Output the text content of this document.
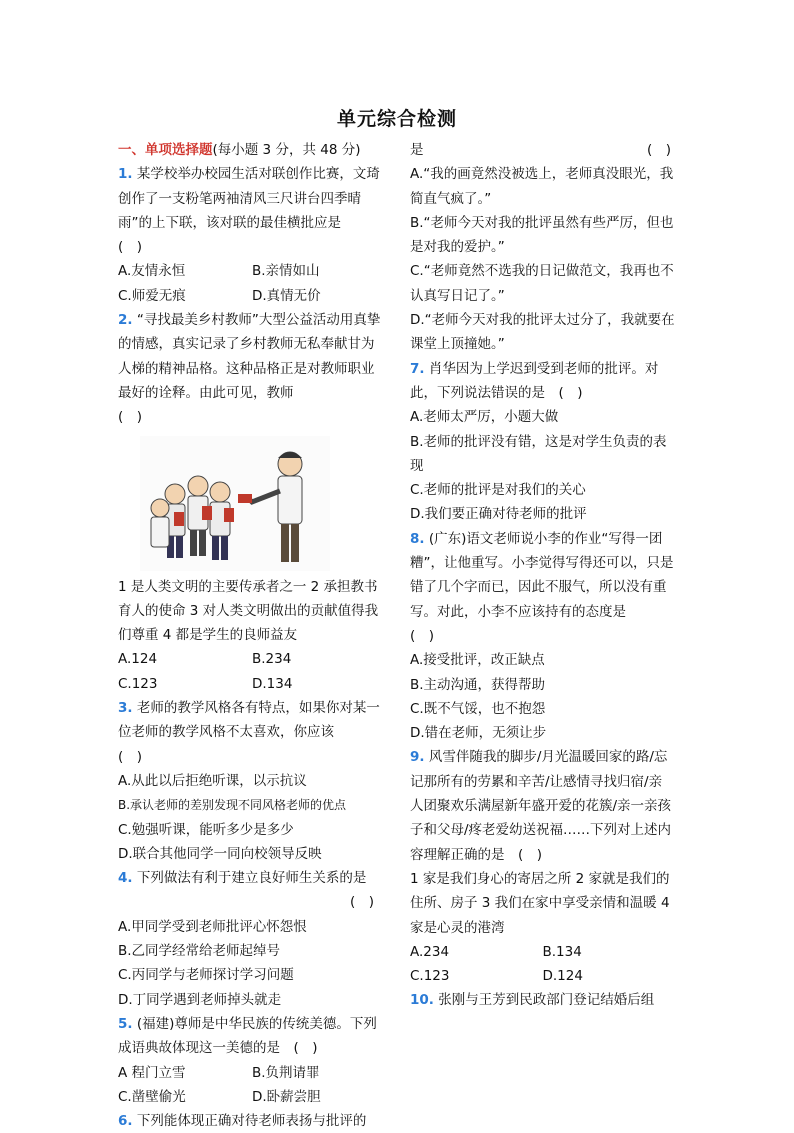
单元综合检测

一、单项选择题(每小题 3 分，共 48 分)

1. 某学校举办校园生活对联创作比赛，文琦创作了一支粉笔两袖清风三尺讲台四季晴雨”的上下联，该对联的最佳横批应是

(　)

A.友情永恒	B.亲情如山
C.师爱无痕	D.真情无价

2. “寻找最美乡村教师”大型公益活动用真挚的情感，真实记录了乡村教师无私奉献甘为人梯的精神品格。这种品格正是对教师职业最好的诠释。由此可见，教师

(　)

1 是人类文明的主要传承者之一 2 承担教书育人的使命 3 对人类文明做出的贡献值得我们尊重 4 都是学生的良师益友

A.124	B.234
C.123	D.134

3. 老师的教学风格各有特点，如果你对某一位老师的教学风格不太喜欢，你应该

(　)

A.从此以后拒绝听课，以示抗议

B.承认老师的差别发现不同风格老师的优点

C.勉强听课，能听多少是多少

D.联合其他同学一同向校领导反映

4. 下列做法有利于建立良好师生关系的是

(　)

A.甲同学受到老师批评心怀怨恨

B.乙同学经常给老师起绰号

C.丙同学与老师探讨学习问题

D.丁同学遇到老师掉头就走

5. (福建)尊师是中华民族的传统美德。下列成语典故体现这一美德的是　 (　)

A 程门立雪	B.负荆请罪
C.凿壁偷光	D.卧薪尝胆

6. 下列能体现正确对待老师表扬与批评的

是	(　)

A.“我的画竟然没被选上，老师真没眼光，我简直气疯了。”

B.“老师今天对我的批评虽然有些严厉，但也是对我的爱护。”

C.“老师竟然不选我的日记做范文，我再也不认真写日记了。”

D.“老师今天对我的批评太过分了，我就要在课堂上顶撞她。”

7. 肖华因为上学迟到受到老师的批评。对此，下列说法错误的是　 (　)

A.老师太严厉，小题大做

B.老师的批评没有错，这是对学生负责的表现

C.老师的批评是对我们的关心

D.我们要正确对待老师的批评

8. (广东)语文老师说小李的作业“写得一团糟”，让他重写。小李觉得写得还可以，只是错了几个字而已，因此不服气，所以没有重写。对此，小李不应该持有的态度是

(　)

A.接受批评，改正缺点

B.主动沟通，获得帮助

C.既不气馁，也不抱怨

D.错在老师，无须让步

9. 风雪伴随我的脚步/月光温暖回家的路/忘记那所有的劳累和辛苦/让感情寻找归宿/亲人团聚欢乐满屋新年盛开爱的花簇/亲一亲孩子和父母/疼老爱幼送祝福……下列对上述内容理解正确的是　 (　)

1 家是我们身心的寄居之所 2 家就是我们的住所、房子 3 我们在家中享受亲情和温暖 4 家是心灵的港湾

A.234	B.134
C.123	D.124

10. 张刚与王芳到民政部门登记结婚后组
